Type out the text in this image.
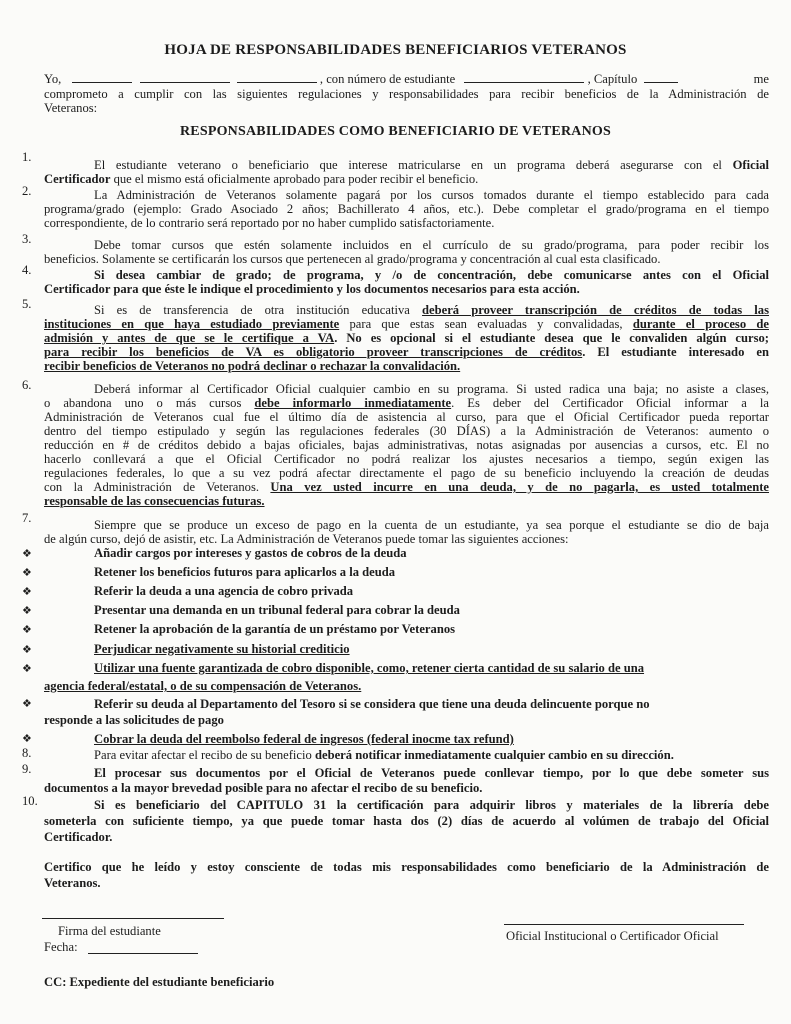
HOJA DE RESPONSABILIDADES BENEFICIARIOS VETERANOS
Yo,	, con número de estudiante	, Capítulo	me
comprometo a cumplir con las siguientes regulaciones y responsabilidades para recibir beneficios de la Administración de
Veteranos:
RESPONSABILIDADES COMO BENEFICIARIO DE VETERANOS
1.
El estudiante veterano o beneficiario que interese matricularse en un programa deberá asegurarse con el Oficial
Certificador que el mismo está oficialmente aprobado para poder recibir el beneficio.
2.	La Administración de Veteranos solamente pagará por los cursos tomados durante el tiempo establecido para cada
programa/grado (ejemplo: Grado Asociado 2 años; Bachillerato 4 años, etc.). Debe completar el grado/programa en el tiempo
correspondiente, de lo contrario será reportado por no haber cumplido satisfactoriamente.
3.	Debe tomar cursos que estén solamente incluidos en el currículo de su grado/programa, para poder recibir los
beneficios. Solamente se certificarán los cursos que pertenecen al grado/programa y concentración al cual esta clasificado.
4.	Si desea cambiar de grado; de programa, y /o de concentración, debe comunicarse antes con el Oficial
Certificador para que éste le indique el procedimiento y los documentos necesarios para esta acción.
5.	Si es de transferencia de otra institución educativa deberá proveer transcripción de créditos de todas las
instituciones en que haya estudiado previamente para que estas sean evaluadas y convalidadas, durante el proceso de
admisión y antes de que se le certifique a VA. No es opcional si el estudiante desea que le convaliden algún curso;
para recibir los beneficios de VA es obligatorio proveer transcripciones de créditos. El estudiante interesado en
recibir beneficios de Veteranos no podrá declinar o rechazar la convalidación.
6.	Deberá informar al Certificador Oficial cualquier cambio en su programa. Si usted radica una baja; no asiste a clases,
o abandona uno o más cursos debe informarlo inmediatamente. Es deber del Certificador Oficial informar a la
Administración de Veteranos cual fue el último día de asistencia al curso, para que el Oficial Certificador pueda reportar
dentro del tiempo estipulado y según las regulaciones federales (30 DÍAS) a la Administración de Veteranos: aumento o
reducción en # de créditos debido a bajas oficiales, bajas administrativas, notas asignadas por ausencias a cursos, etc. El no
hacerlo conllevará a que el Oficial Certificador no podrá realizar los ajustes necesarios a tiempo, según exigen las
regulaciones federales, lo que a su vez podrá afectar directamente el pago de su beneficio incluyendo la creación de deudas
con la Administración de Veteranos. Una vez usted incurre en una deuda, y de no pagarla, es usted totalmente
responsable de las consecuencias futuras.
7.	Siempre que se produce un exceso de pago en la cuenta de un estudiante, ya sea porque el estudiante se dio de baja
de algún curso, dejó de asistir, etc. La Administración de Veteranos puede tomar las siguientes acciones:
❖	Añadir cargos por intereses y gastos de cobros de la deuda
❖	Retener los beneficios futuros para aplicarlos a la deuda
❖	Referir la deuda a una agencia de cobro privada
❖	Presentar una demanda en un tribunal federal para cobrar la deuda
❖	Retener la aprobación de la garantía de un préstamo por Veteranos
❖	Perjudicar negativamente su historial crediticio
❖	Utilizar una fuente garantizada de cobro disponible, como, retener cierta cantidad de su salario de una
agencia federal/estatal, o de su compensación de Veteranos.
❖	Referir su deuda al Departamento del Tesoro si se considera que tiene una deuda delincuente porque no
responde a las solicitudes de pago
❖	Cobrar la deuda del reembolso federal de ingresos (federal inocme tax refund)
8.	Para evitar afectar el recibo de su beneficio deberá notificar inmediatamente cualquier cambio en su dirección.
9.	El procesar sus documentos por el Oficial de Veteranos puede conllevar tiempo, por lo que debe someter sus
documentos a la mayor brevedad posible para no afectar el recibo de su beneficio.
10.	Si es beneficiario del CAPITULO 31 la certificación para adquirir libros y materiales de la librería debe
someterla con suficiente tiempo, ya que puede tomar hasta dos (2) días de acuerdo al volúmen de trabajo del Oficial
Certificador.
Certifico que he leído y estoy consciente de todas mis responsabilidades como beneficiario de la Administración de
Veteranos.
Firma del estudiante
Fecha:
Oficial Institucional o Certificador Oficial
CC: Expediente del estudiante beneficiario
